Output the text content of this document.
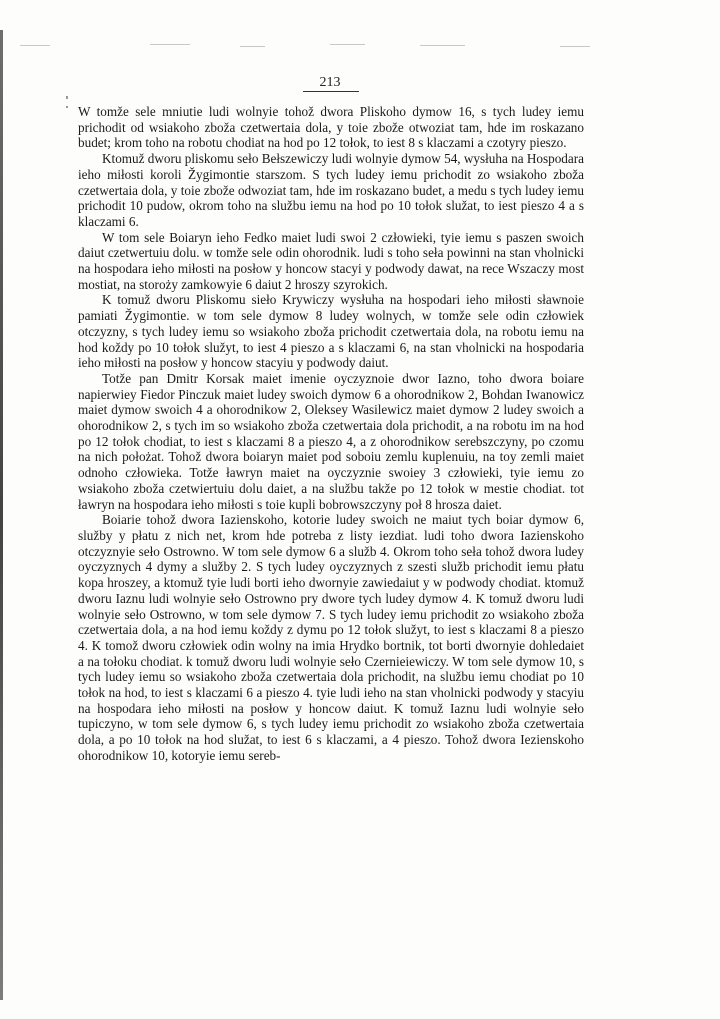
213

W tomže sele mniutie ludi wolnyie tohož dwora Pliskoho dymow 16, s tych ludey iemu prichodit od wsiakoho zboža czetwertaia dola, y toie zbože otwoziat tam, hde im roskazano budet; krom toho na robotu chodiat na hod po 12 tołok, to iest 8 s klaczami a czotyry pieszo.

Ktomuž dworu pliskomu sełо Bełszewiczy ludi wolnyie dymow 54, wysłuha na Hospodara ieho miłosti koroli Žygimontie starszom. S tych ludey iemu prichodit zo wsiakoho zboža czetwertaia dola, y toie zbože odwoziat tam, hde im roskazano budet, a medu s tych ludey iemu prichodit 10 pudow, okrom toho na službu iemu na hod po 10 tołok služat, to iest pieszo 4 a s klaczami 6.

W tom sele Boiaryn ieho Fedko maiet ludi swoi 2 człowieki, tyie iemu s paszen swoich daiut czetwertuiu dolu. w tomže sele odin ohorodnik. ludi s toho seła powinni na stan vholnicki na hospodara ieho miłosti na posłow y honcow stacyi y podwody dawat, na rece Wszaczy most mostiat, na storoży zamkowyie 6 daiut 2 hroszy szyrokich.

K tomuž dworu Pliskomu sieło Krywiczy wysłuha na hospodari ieho miłosti sławnoie pamiati Žygimontie. w tom sele dymow 8 ludey wolnych, w tomže sele odin człowiek otczyzny, s tych ludey iemu so wsiakoho zboža prichodit czetwertaia dola, na robotu iemu na hod koždy po 10 tołok služyt, to iest 4 pieszo a s klaczami 6, na stan vholnicki na hospodaria ieho miłosti na posłow y honcow stacyiu y podwody daiut.

Totže pan Dmitr Korsak maiet imenie oyczyznoie dwor Iazno, toho dwora boiare napierwiey Fiedor Pinczuk maiet ludey swoich dymow 6 a ohorodnikow 2, Bohdan Iwanowicz maiet dymow swoich 4 a ohorodnikow 2, Oleksey Wasilewicz maiet dymow 2 ludey swoich a ohorodnikow 2, s tych im so wsiakoho zboža czetwertaia dola prichodit, a na robotu im na hod po 12 tołok chodiat, to iest s klaczami 8 a pieszo 4, a z ohorodnikow serebszczyny, po czomu na nich położat. Tohož dwora boiaryn maiet pod soboiu zemlu kuplenuiu, na toy zemli maiet odnoho człowieka. Totže ławryn maiet na oyczyznie swoiey 3 człowieki, tyie iemu zo wsiakoho zboža czetwiertuiu dolu daiet, a na službu takže po 12 tołok w mestie chodiat. tot ławryn na hospodara ieho miłosti s toie kupli bobrowszczyny poł 8 hrosza daiet.

Boiarie tohož dwora Iazienskoho, kotorie ludey swoich ne maiut tych boiar dymow 6, služby y płatu z nich net, krom hde potreba z listy iezdiat. ludi toho dwora Iazienskoho otczyznyie sełо Ostrowno. W tom sele dymow 6 a služb 4. Okrom toho seła tohož dwora ludey oyczyznych 4 dymy a služby 2. S tych ludey oyczyznych z szesti služb prichodit iemu płatu kopa hroszey, a ktomuž tyie ludi borti ieho dwornyie zawiedaiut y w podwody chodiat. ktomuž dworu Iaznu ludi wolnyie sełо Ostrowno pry dwore tych ludey dymow 4. K tomuž dworu ludi wolnyie sełо Ostrowno, w tom sele dymow 7. S tych ludey iemu prichodit zo wsiakoho zboža czetwertaia dola, a na hod iemu koždy z dymu po 12 tołok služyt, to iest s klaczami 8 a pieszo 4. K tomož dworu człowiek odin wolny na imia Hrydko bortnik, tot borti dwornyie dohledaiet a na tołoku chodiat. k tomuž dworu ludi wolnyie sełо Czernieiewiczy. W tom sele dymow 10, s tych ludey iemu so wsiakoho zboža czetwertaia dola prichodit, na službu iemu chodiat po 10 tołok na hod, to iest s klaczami 6 a pieszo 4. tyie ludi ieho na stan vholnicki podwody y stacyiu na hospodara ieho miłosti na posłow y honcow daiut. K tomuž Iaznu ludi wolnyie sełо tupiczyno, w tom sele dymow 6, s tych ludey iemu prichodit zo wsiakoho zboža czetwertaia dola, a po 10 tołok na hod služat, to iest 6 s klaczami, a 4 pieszo. Tohož dwora Iezienskoho ohorodnikow 10, kotoryie iemu sereb-
